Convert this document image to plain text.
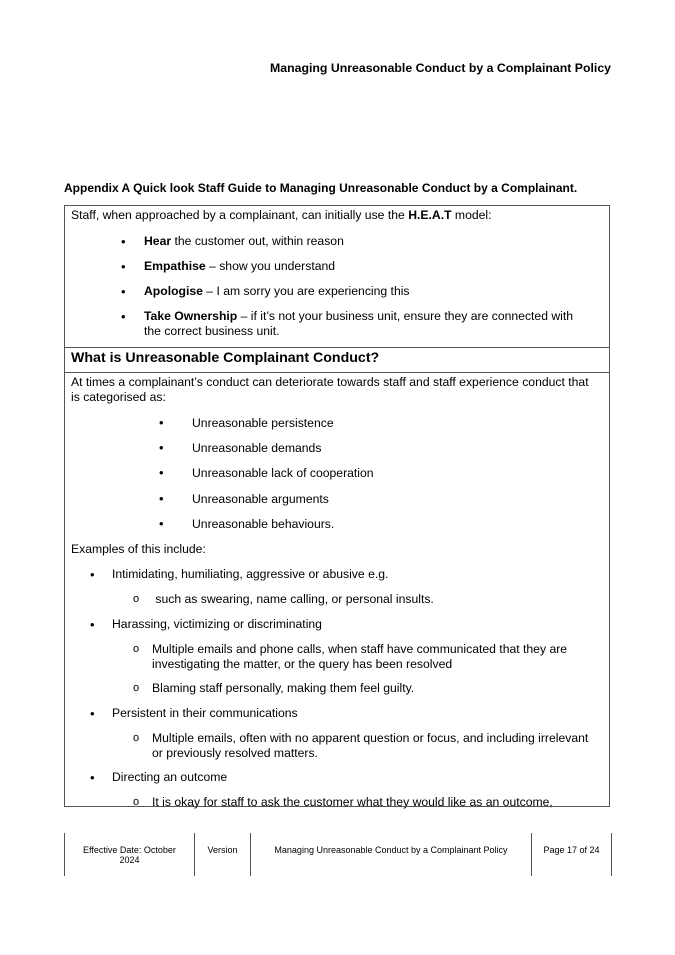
Managing Unreasonable Conduct by a Complainant Policy
Appendix A Quick look Staff Guide to Managing Unreasonable Conduct by a Complainant.
Staff, when approached by a complainant, can initially use the H.E.A.T model:
• Hear the customer out, within reason
• Empathise – show you understand
• Apologise – I am sorry you are experiencing this
• Take Ownership – if it’s not your business unit, ensure they are connected with
the correct business unit.
What is Unreasonable Complainant Conduct?
At times a complainant’s conduct can deteriorate towards staff and staff experience conduct that
is categorised as:
• Unreasonable persistence
• Unreasonable demands
• Unreasonable lack of cooperation
• Unreasonable arguments
• Unreasonable behaviours.
Examples of this include:
• Intimidating, humiliating, aggressive or abusive e.g.
o such as swearing, name calling, or personal insults.
• Harassing, victimizing or discriminating
o Multiple emails and phone calls, when staff have communicated that they are
investigating the matter, or the query has been resolved
o Blaming staff personally, making them feel guilty.
• Persistent in their communications
o Multiple emails, often with no apparent question or focus, and including irrelevant
or previously resolved matters.
• Directing an outcome
o It is okay for staff to ask the customer what they would like as an outcome,
Effective Date: October
2024
Version	Managing Unreasonable Conduct by a Complainant Policy	Page 17 of 24
